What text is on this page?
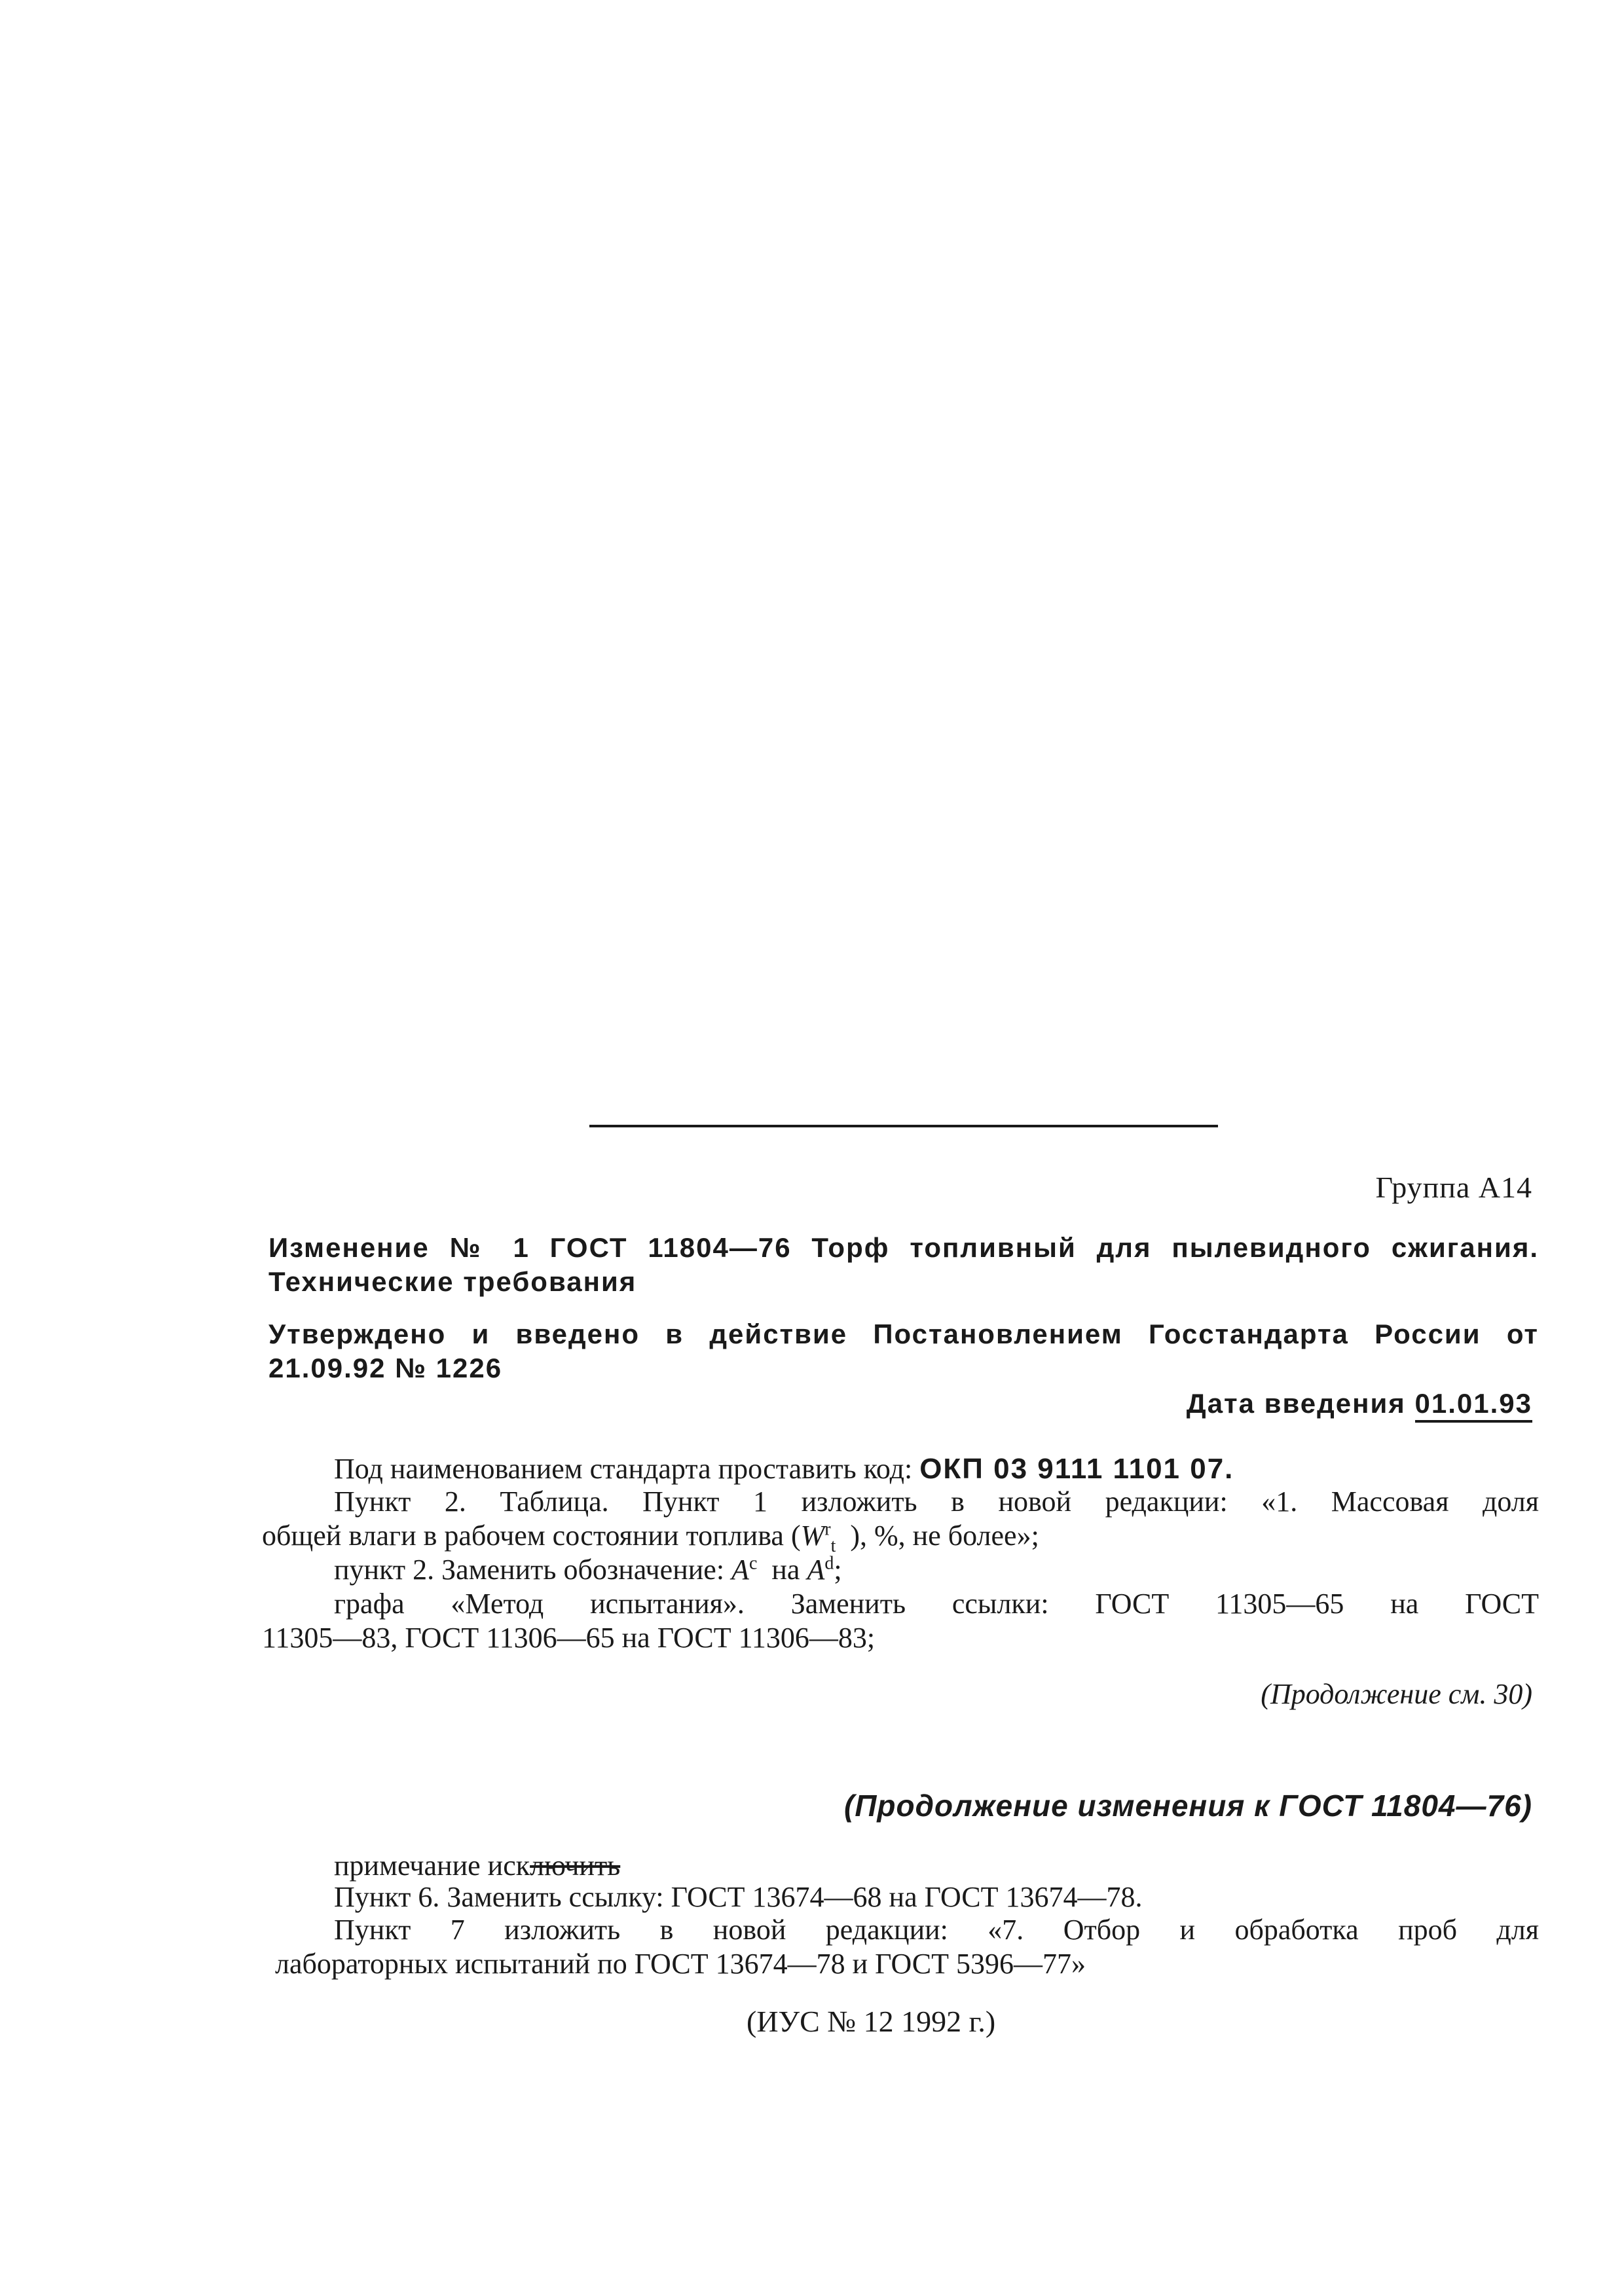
Группа А14
Изменение № 1 ГОСТ 11804—76 Торф топливный для пылевидного сжигания.
Технические требования
Утверждено и введено в действие Постановлением Госстандарта России от
21.09.92 № 1226
Дата введения 01.01.93
Под наименованием стандарта проставить код: ОКП 03 9111 1101 07.
Пункт 2. Таблица. Пункт 1 изложить в новой редакции: «1. Массовая доля
общей влаги в рабочем состоянии топлива ($W^r_t$ ), %, не более»;
пункт 2. Заменить обозначение: $A^c$ на $A^d$;
графа «Метод испытания». Заменить ссылки: ГОСТ 11305—65 на ГОСТ
11305—83, ГОСТ 11306—65 на ГОСТ 11306—83;
(Продолжение см. 30)
(Продолжение изменения к ГОСТ 11804—76)
примечание исключить
Пункт 6. Заменить ссылку: ГОСТ 13674—68 на ГОСТ 13674—78.
Пункт 7 изложить в новой редакции: «7. Отбор и обработка проб для
лабораторных испытаний по ГОСТ 13674—78 и ГОСТ 5396—77»
(ИУС № 12 1992 г.)
